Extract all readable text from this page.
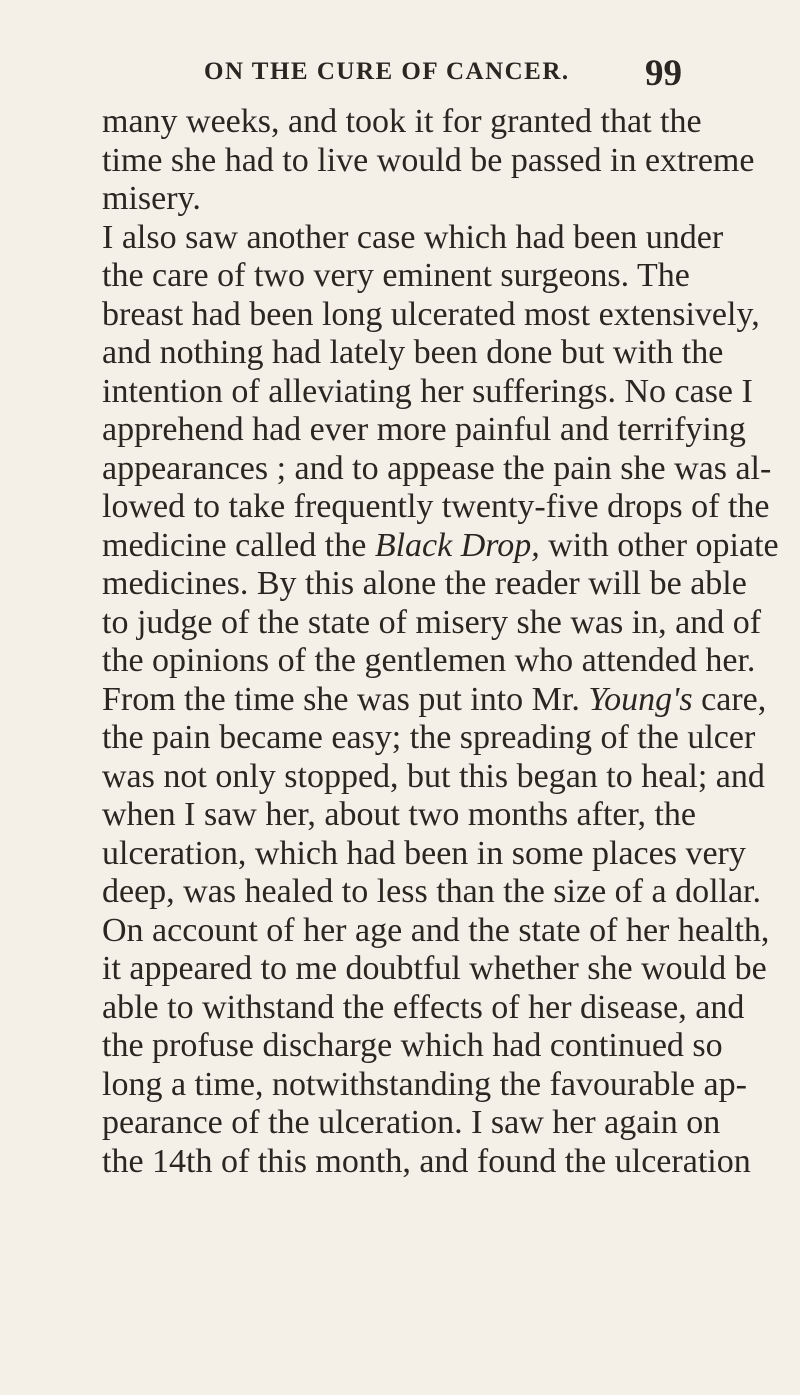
ON THE CURE OF CANCER. 99
many weeks, and took it for granted that the
time she had to live would be passed in extreme
misery.
I also saw another case which had been under
the care of two very eminent surgeons. The
breast had been long ulcerated most extensively,
and nothing had lately been done but with the
intention of alleviating her sufferings. No case I
apprehend had ever more painful and terrifying
appearances ; and to appease the pain she was al-
lowed to take frequently twenty-five drops of the
medicine called the Black Drop, with other opiate
medicines. By this alone the reader will be able
to judge of the state of misery she was in, and of
the opinions of the gentlemen who attended her.
From the time she was put into Mr. Young's care,
the pain became easy; the spreading of the ulcer
was not only stopped, but this began to heal; and
when I saw her, about two months after, the
ulceration, which had been in some places very
deep, was healed to less than the size of a dollar.
On account of her age and the state of her health,
it appeared to me doubtful whether she would be
able to withstand the effects of her disease, and
the profuse discharge which had continued so
long a time, notwithstanding the favourable ap-
pearance of the ulceration. I saw her again on
the 14th of this month, and found the ulceration
